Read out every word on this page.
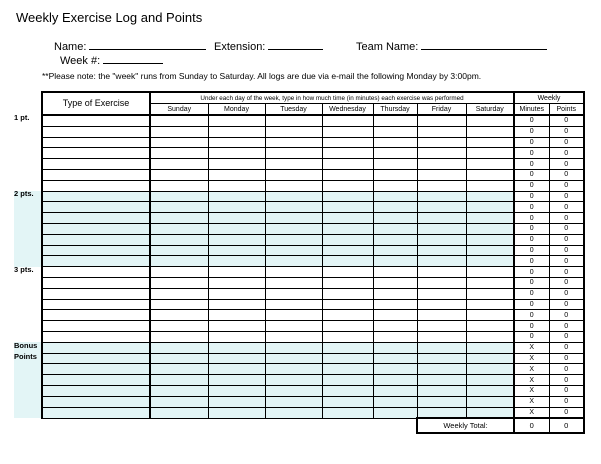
Weekly Exercise Log and Points
Name:	Extension:	Team Name:
Week #:
**Please note: the "week" runs from Sunday to Saturday. All logs are due via e-mail the following Monday by 3:00pm.
1 pt.
2 pts.
3 pts.
Bonus
Points
Type of Exercise	Under each day of the week, type in how much time (in minutes) each exercise was performed							Weekly	
	Sunday	Monday	Tuesday	Wednesday	Thursday	Friday	Saturday	Minutes	Points
								0	0
								0	0
								0	0
								0	0
								0	0
								0	0
								0	0
								0	0
								0	0
								0	0
								0	0
								0	0
								0	0
								0	0
								0	0
								0	0
								0	0
								0	0
								0	0
								0	0
								0	0
								X	0
								X	0
								X	0
								X	0
								X	0
								X	0
								X	0
						Weekly Total:		0	0
